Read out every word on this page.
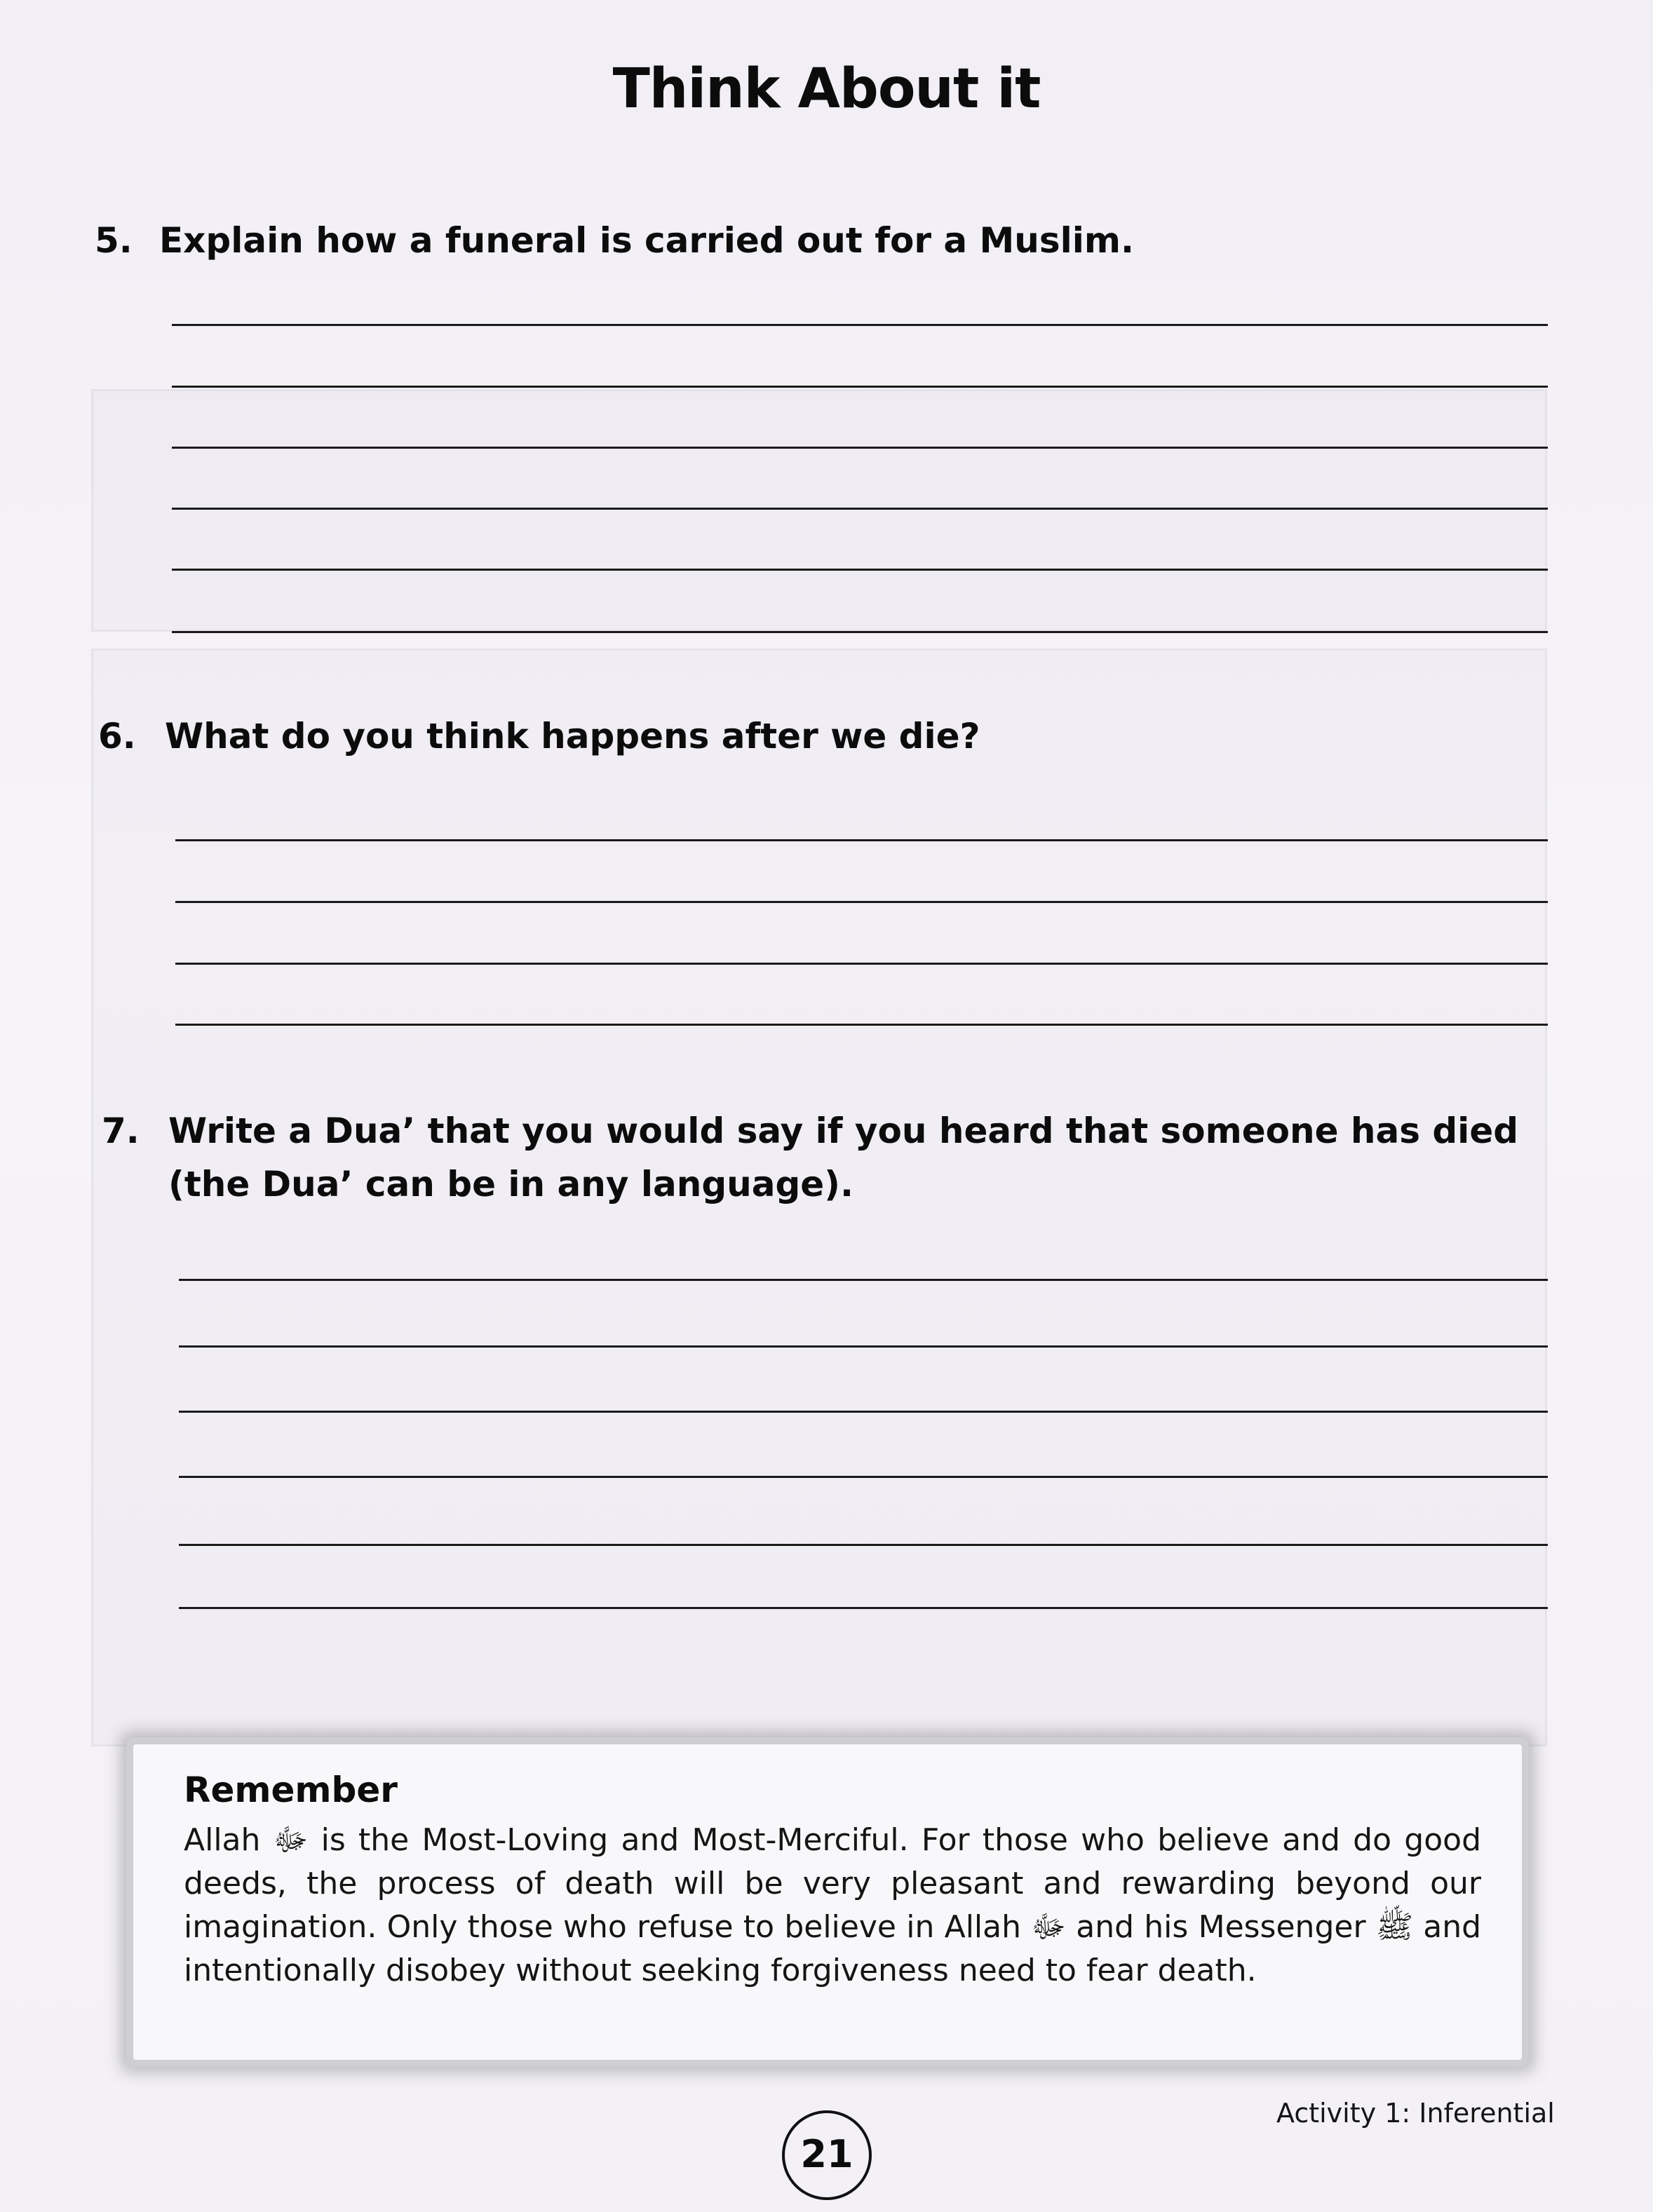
Think About it
5. Explain how a funeral is carried out for a Muslim.
6. What do you think happens after we die?
7. Write a Dua’ that you would say if you heard that someone has died (the Dua’ can be in any language).
Remember
Allah ﷻ is the Most-Loving and Most-Merciful. For those who believe and do good deeds, the process of death will be very pleasant and rewarding beyond our imagination. Only those who refuse to believe in Allah ﷻ and his Messenger ﷺ and intentionally disobey without seeking forgiveness need to fear death.
Activity 1: Inferential
21
